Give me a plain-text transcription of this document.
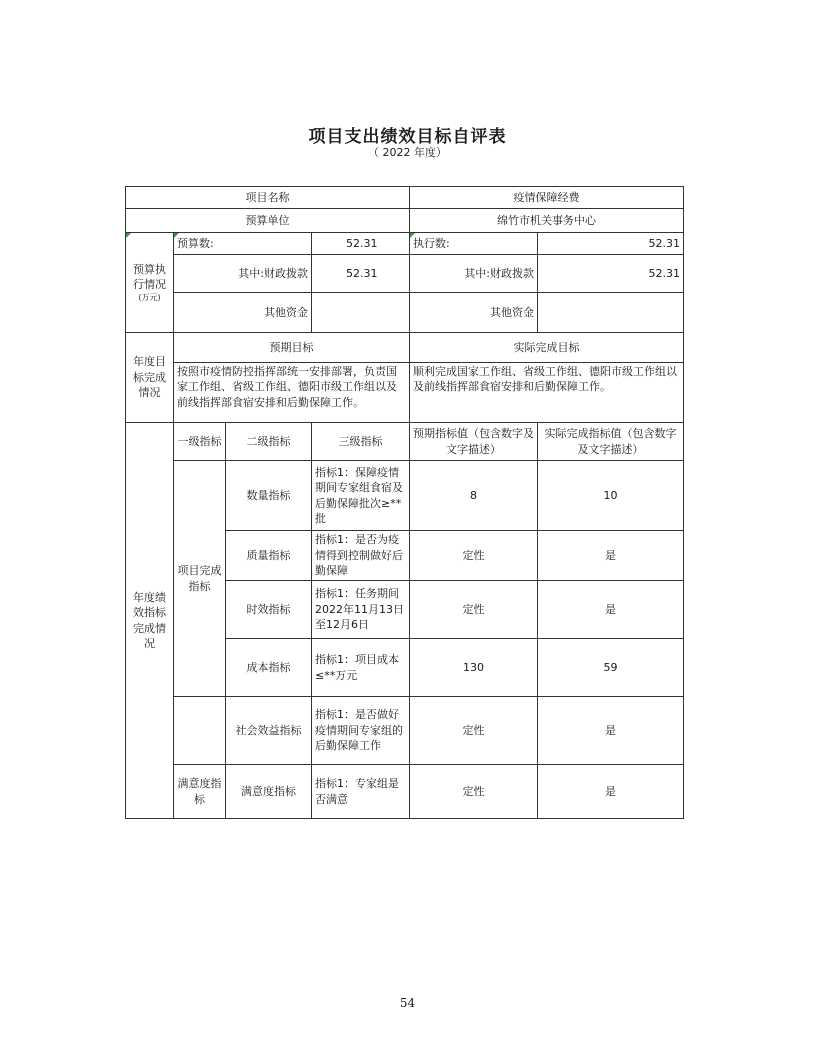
项目支出绩效目标自评表
（ 2022 年度）
项目名称				疫情保障经费	
预算单位				绵竹市机关事务中心	

预算执行情况
(万元)	预算数:		52.31	执行数:	52.31
	其中:财政拨款		52.31	其中:财政拨款	52.31
	其他资金			其他资金	
年度目标完成情况	预期目标			实际完成目标	
	按照市疫情防控指挥部统一安排部署，负责国家工作组、省级工作组、德阳市级工作组以及前线指挥部食宿安排和后勤保障工作。			顺利完成国家工作组、省级工作组、德阳市级工作组以及前线指挥部食宿安排和后勤保障工作。	
年度绩效指标完成情况	一级指标	二级指标	三级指标	预期指标值（包含数字及文字描述）	实际完成指标值（包含数字及文字描述）
	项目完成指标	数量指标	指标1：保障疫情期间专家组食宿及后勤保障批次≥**批	8	10
		质量指标	指标1：是否为疫情得到控制做好后勤保障	定性	是
		时效指标	指标1：任务期间2022年11月13日至12月6日	定性	是
		成本指标	指标1：项目成本≤**万元	130	59
		社会效益指标	指标1：是否做好疫情期间专家组的后勤保障工作	定性	是
	满意度指标	满意度指标	指标1：专家组是否满意	定性	是
54
